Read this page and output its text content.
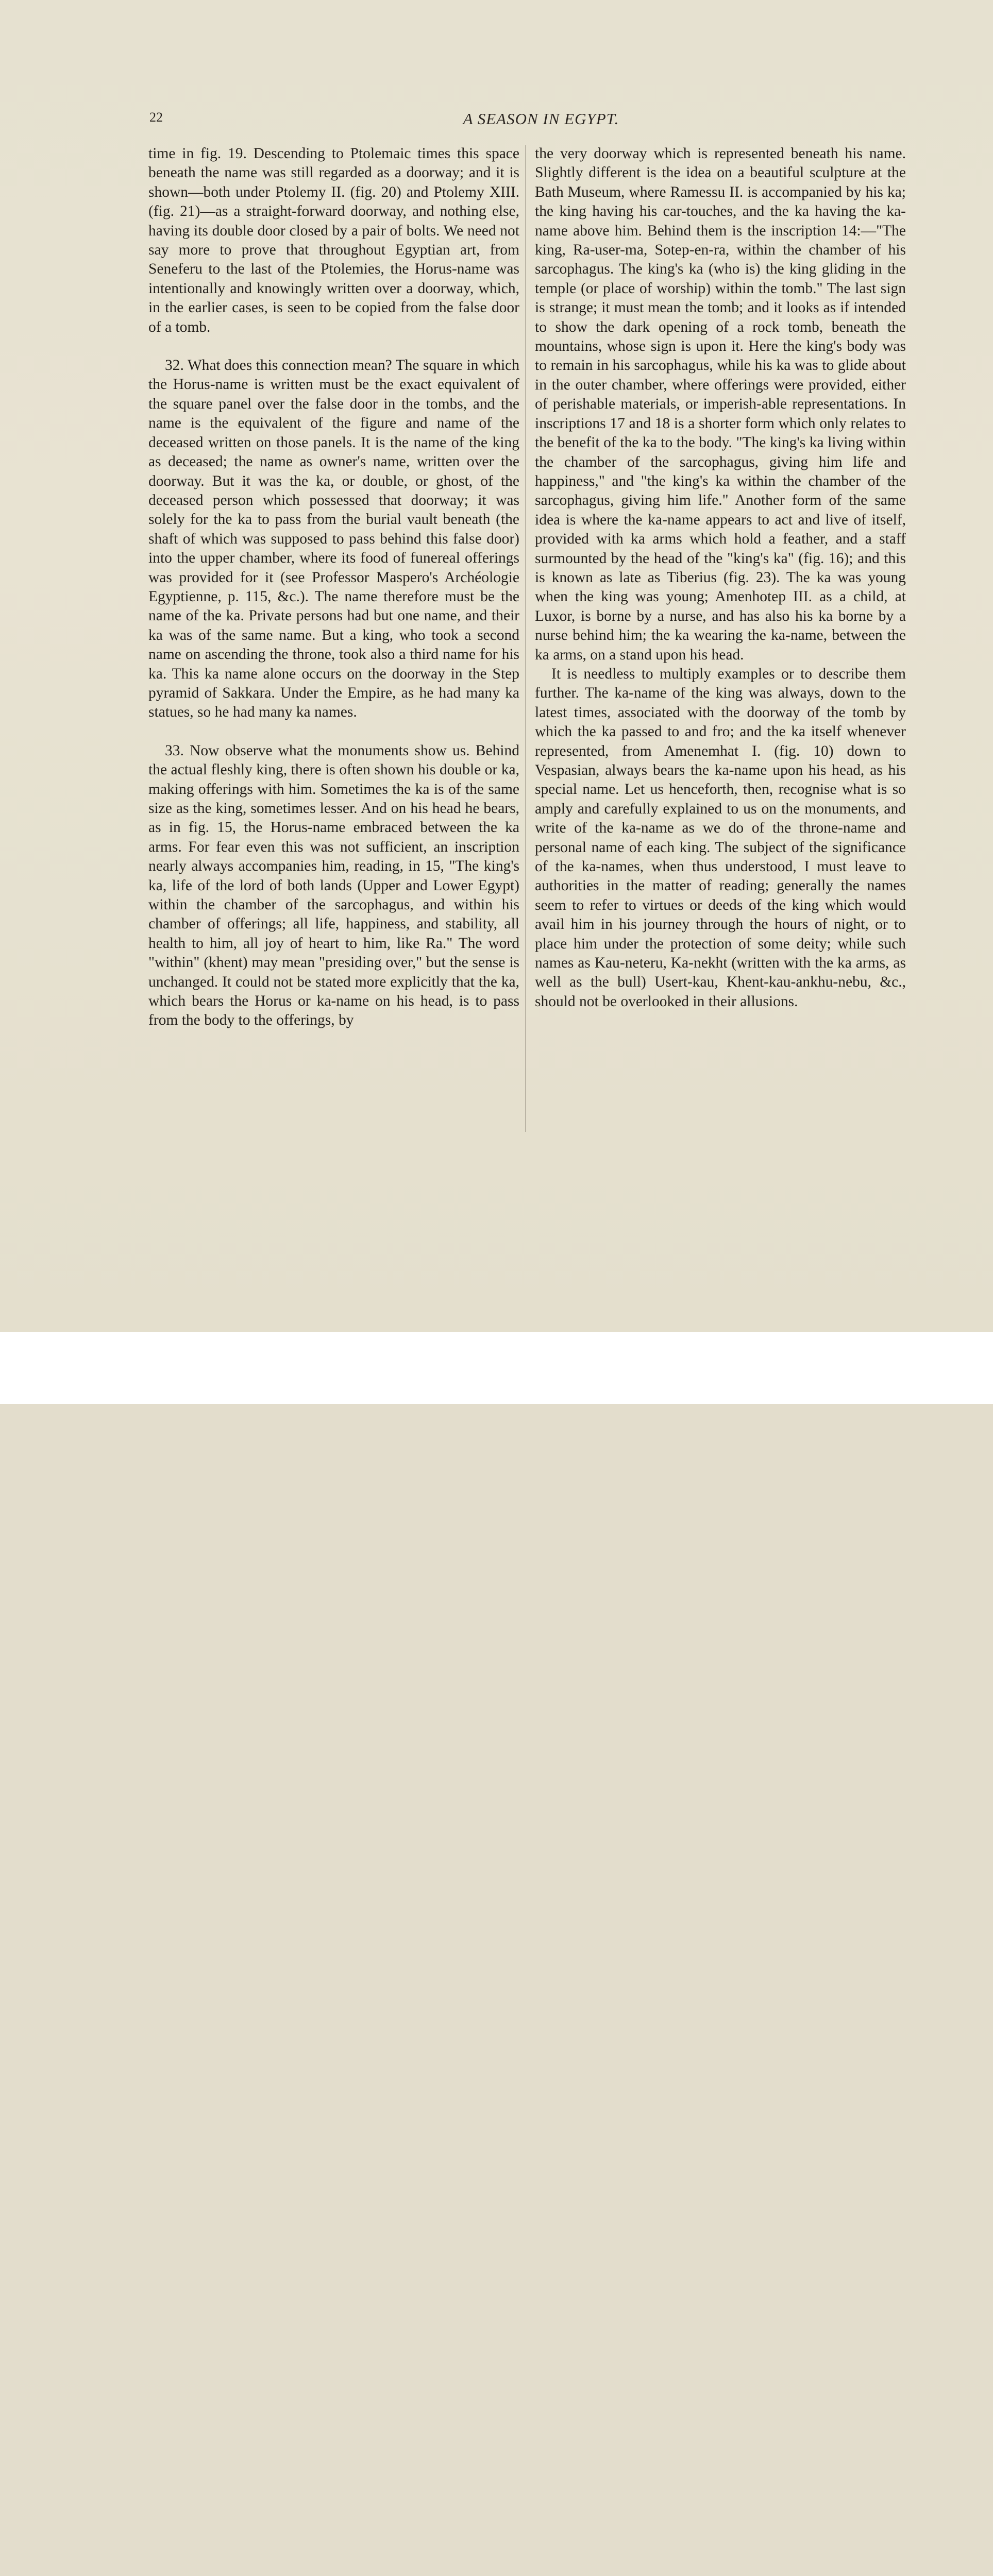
22	A SEASON IN EGYPT.

time in fig. 19. Descending to Ptolemaic times this space beneath the name was still regarded as a doorway; and it is shown—both under Ptolemy II. (fig. 20) and Ptolemy XIII. (fig. 21)—as a straight-forward doorway, and nothing else, having its double door closed by a pair of bolts. We need not say more to prove that throughout Egyptian art, from Seneferu to the last of the Ptolemies, the Horus-name was intentionally and knowingly written over a doorway, which, in the earlier cases, is seen to be copied from the false door of a tomb.

32. What does this connection mean? The square in which the Horus-name is written must be the exact equivalent of the square panel over the false door in the tombs, and the name is the equivalent of the figure and name of the deceased written on those panels. It is the name of the king as deceased; the name as owner's name, written over the doorway. But it was the ka, or double, or ghost, of the deceased person which possessed that doorway; it was solely for the ka to pass from the burial vault beneath (the shaft of which was supposed to pass behind this false door) into the upper chamber, where its food of funereal offerings was provided for it (see Professor Maspero's Archéologie Egyptienne, p. 115, &c.). The name therefore must be the name of the ka. Private persons had but one name, and their ka was of the same name. But a king, who took a second name on ascending the throne, took also a third name for his ka. This ka name alone occurs on the doorway in the Step pyramid of Sakkara. Under the Empire, as he had many ka statues, so he had many ka names.

33. Now observe what the monuments show us. Behind the actual fleshly king, there is often shown his double or ka, making offerings with him. Sometimes the ka is of the same size as the king, sometimes lesser. And on his head he bears, as in fig. 15, the Horus-name embraced between the ka arms. For fear even this was not sufficient, an inscription nearly always accompanies him, reading, in 15, "The king's ka, life of the lord of both lands (Upper and Lower Egypt) within the chamber of the sarcophagus, and within his chamber of offerings; all life, happiness, and stability, all health to him, all joy of heart to him, like Ra." The word "within" (khent) may mean "presiding over," but the sense is unchanged. It could not be stated more explicitly that the ka, which bears the Horus or ka-name on his head, is to pass from the body to the offerings, by

the very doorway which is represented beneath his name. Slightly different is the idea on a beautiful sculpture at the Bath Museum, where Ramessu II. is accompanied by his ka; the king having his car-touches, and the ka having the ka-name above him. Behind them is the inscription 14:—"The king, Ra-user-ma, Sotep-en-ra, within the chamber of his sarcophagus. The king's ka (who is) the king gliding in the temple (or place of worship) within the tomb." The last sign is strange; it must mean the tomb; and it looks as if intended to show the dark opening of a rock tomb, beneath the mountains, whose sign is upon it. Here the king's body was to remain in his sarcophagus, while his ka was to glide about in the outer chamber, where offerings were provided, either of perishable materials, or imperish-able representations. In inscriptions 17 and 18 is a shorter form which only relates to the benefit of the ka to the body. "The king's ka living within the chamber of the sarcophagus, giving him life and happiness," and "the king's ka within the chamber of the sarcophagus, giving him life." Another form of the same idea is where the ka-name appears to act and live of itself, provided with ka arms which hold a feather, and a staff surmounted by the head of the "king's ka" (fig. 16); and this is known as late as Tiberius (fig. 23). The ka was young when the king was young; Amenhotep III. as a child, at Luxor, is borne by a nurse, and has also his ka borne by a nurse behind him; the ka wearing the ka-name, between the ka arms, on a stand upon his head.

It is needless to multiply examples or to describe them further. The ka-name of the king was always, down to the latest times, associated with the doorway of the tomb by which the ka passed to and fro; and the ka itself whenever represented, from Amenemhat I. (fig. 10) down to Vespasian, always bears the ka-name upon his head, as his special name. Let us henceforth, then, recognise what is so amply and carefully explained to us on the monuments, and write of the ka-name as we do of the throne-name and personal name of each king. The subject of the significance of the ka-names, when thus understood, I must leave to authorities in the matter of reading; generally the names seem to refer to virtues or deeds of the king which would avail him in his journey through the hours of night, or to place him under the protection of some deity; while such names as Kau-neteru, Ka-nekht (written with the ka arms, as well as the bull) Usert-kau, Khent-kau-ankhu-nebu, &c., should not be overlooked in their allusions.
